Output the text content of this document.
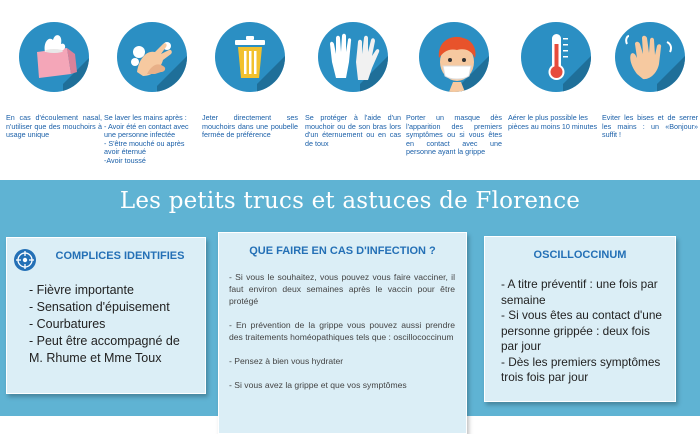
En cas d'écoulement nasal, n'utiliser que des mouchoirs à usage unique
Se laver les mains après :
- Avoir été en contact avec une personne infectée
- S'être mouché ou après avoir éternué
-Avoir toussé
Jeter directement ses mouchoirs dans une poubelle fermée de préférence
Se protéger à l'aide d'un mouchoir ou de son bras lors d'un éternuement ou en cas de toux
Porter un masque dès l'apparition des premiers symptômes ou si vous êtes en contact avec une personne ayant la grippe
Aérer le plus possible les pièces au moins 10 minutes
Eviter les bises et de serrer les mains : un «Bonjour» suffit !
Les petits trucs et astuces de Florence
COMPLICES IDENTIFIES
- Fièvre importante
- Sensation d'épuisement
- Courbatures
- Peut être accompagné de M. Rhume et Mme Toux
QUE FAIRE EN CAS D'INFECTION ?

- Si vous le souhaitez, vous pouvez vous faire vacciner, il faut environ deux semaines après le vaccin pour être protégé

- En prévention de la grippe vous pouvez aussi prendre des traitements homéopathiques tels que : oscillococcinum

- Pensez à bien vous hydrater

- Si vous avez la grippe et que vos symptômes

OSCILLOCCINUM
- A titre préventif : une fois par semaine
- Si vous êtes au contact d'une personne grippée : deux fois par jour
- Dès les premiers symptômes trois fois par jour
